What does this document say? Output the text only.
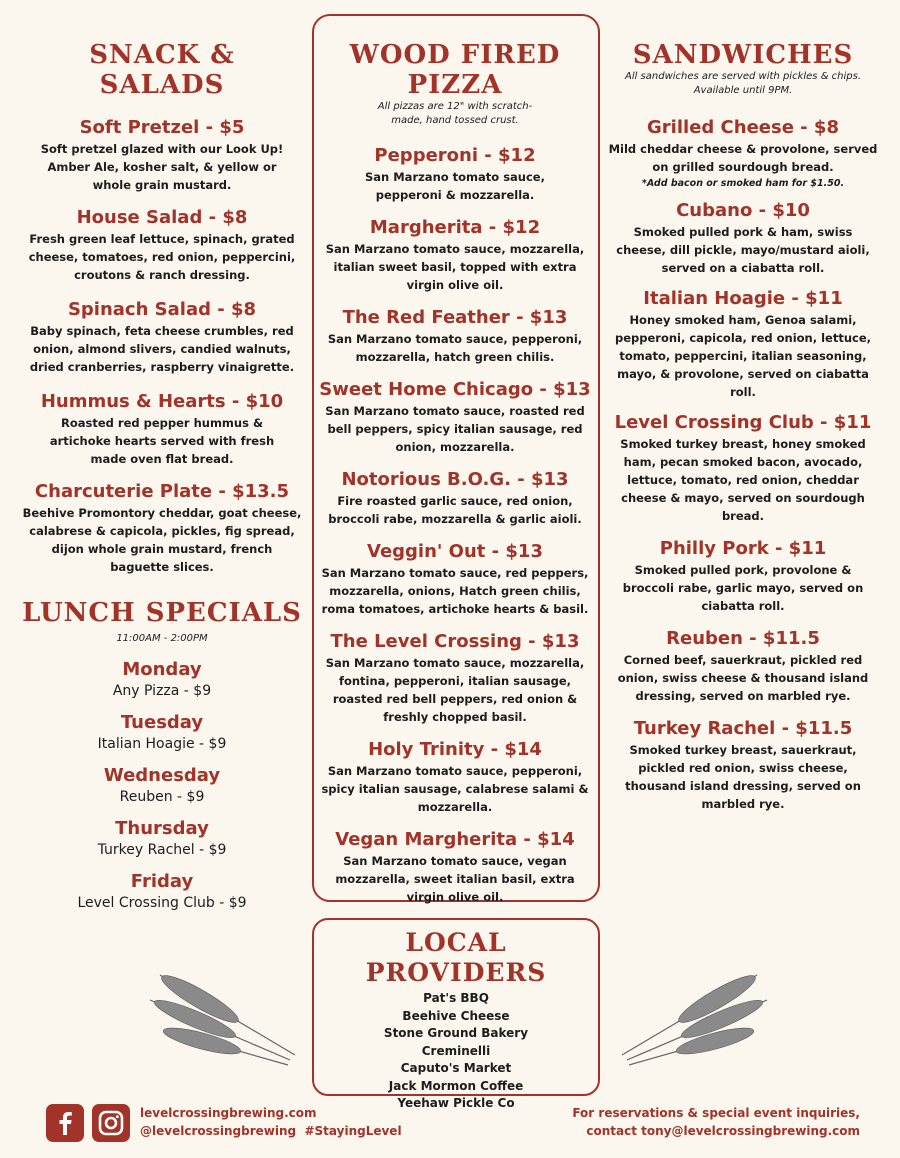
SNACK & SALADS
Soft Pretzel - $5
Soft pretzel glazed with our Look Up! Amber Ale, kosher salt, & yellow or whole grain mustard.
House Salad - $8
Fresh green leaf lettuce, spinach, grated cheese, tomatoes, red onion, peppercini, croutons & ranch dressing.
Spinach Salad - $8
Baby spinach, feta cheese crumbles, red onion, almond slivers, candied walnuts, dried cranberries, raspberry vinaigrette.
Hummus & Hearts - $10
Roasted red pepper hummus & artichoke hearts served with fresh made oven flat bread.
Charcuterie Plate - $13.5
Beehive Promontory cheddar, goat cheese, calabrese & capicola, pickles, fig spread, dijon whole grain mustard, french baguette slices.
LUNCH SPECIALS
11:00AM - 2:00PM
Monday
Any Pizza - $9
Tuesday
Italian Hoagie - $9
Wednesday
Reuben - $9
Thursday
Turkey Rachel - $9
Friday
Level Crossing Club - $9
WOOD FIRED PIZZA
All pizzas are 12" with scratch-made, hand tossed crust.
Pepperoni - $12
San Marzano tomato sauce, pepperoni & mozzarella.
Margherita - $12
San Marzano tomato sauce, mozzarella, italian sweet basil, topped with extra virgin olive oil.
The Red Feather - $13
San Marzano tomato sauce, pepperoni, mozzarella, hatch green chilis.
Sweet Home Chicago - $13
San Marzano tomato sauce, roasted red bell peppers, spicy italian sausage, red onion, mozzarella.
Notorious B.O.G. - $13
Fire roasted garlic sauce, red onion, broccoli rabe, mozzarella & garlic aioli.
Veggin' Out - $13
San Marzano tomato sauce, red peppers, mozzarella, onions, Hatch green chilis, roma tomatoes, artichoke hearts & basil.
The Level Crossing - $13
San Marzano tomato sauce, mozzarella, fontina, pepperoni, italian sausage, roasted red bell peppers, red onion & freshly chopped basil.
Holy Trinity - $14
San Marzano tomato sauce, pepperoni, spicy italian sausage, calabrese salami & mozzarella.
Vegan Margherita - $14
San Marzano tomato sauce, vegan mozzarella, sweet italian basil, extra virgin olive oil.
SANDWICHES
All sandwiches are served with pickles & chips. Available until 9PM.
Grilled Cheese - $8
Mild cheddar cheese & provolone, served on grilled sourdough bread.
*Add bacon or smoked ham for $1.50.
Cubano - $10
Smoked pulled pork & ham, swiss cheese, dill pickle, mayo/mustard aioli, served on a ciabatta roll.
Italian Hoagie - $11
Honey smoked ham, Genoa salami, pepperoni, capicola, red onion, lettuce, tomato, peppercini, italian seasoning, mayo, & provolone, served on ciabatta roll.
Level Crossing Club - $11
Smoked turkey breast, honey smoked ham, pecan smoked bacon, avocado, lettuce, tomato, red onion, cheddar cheese & mayo, served on sourdough bread.
Philly Pork - $11
Smoked pulled pork, provolone & broccoli rabe, garlic mayo, served on ciabatta roll.
Reuben - $11.5
Corned beef, sauerkraut, pickled red onion, swiss cheese & thousand island dressing, served on marbled rye.
Turkey Rachel - $11.5
Smoked turkey breast, sauerkraut, pickled red onion, swiss cheese, thousand island dressing, served on marbled rye.
LOCAL PROVIDERS
Pat's BBQ
Beehive Cheese
Stone Ground Bakery
Creminelli
Caputo's Market
Jack Mormon Coffee
Yeehaw Pickle Co
levelcrossingbrewing.com
@levelcrossingbrewing  #StayingLevel
For reservations & special event inquiries,
contact tony@levelcrossingbrewing.com
